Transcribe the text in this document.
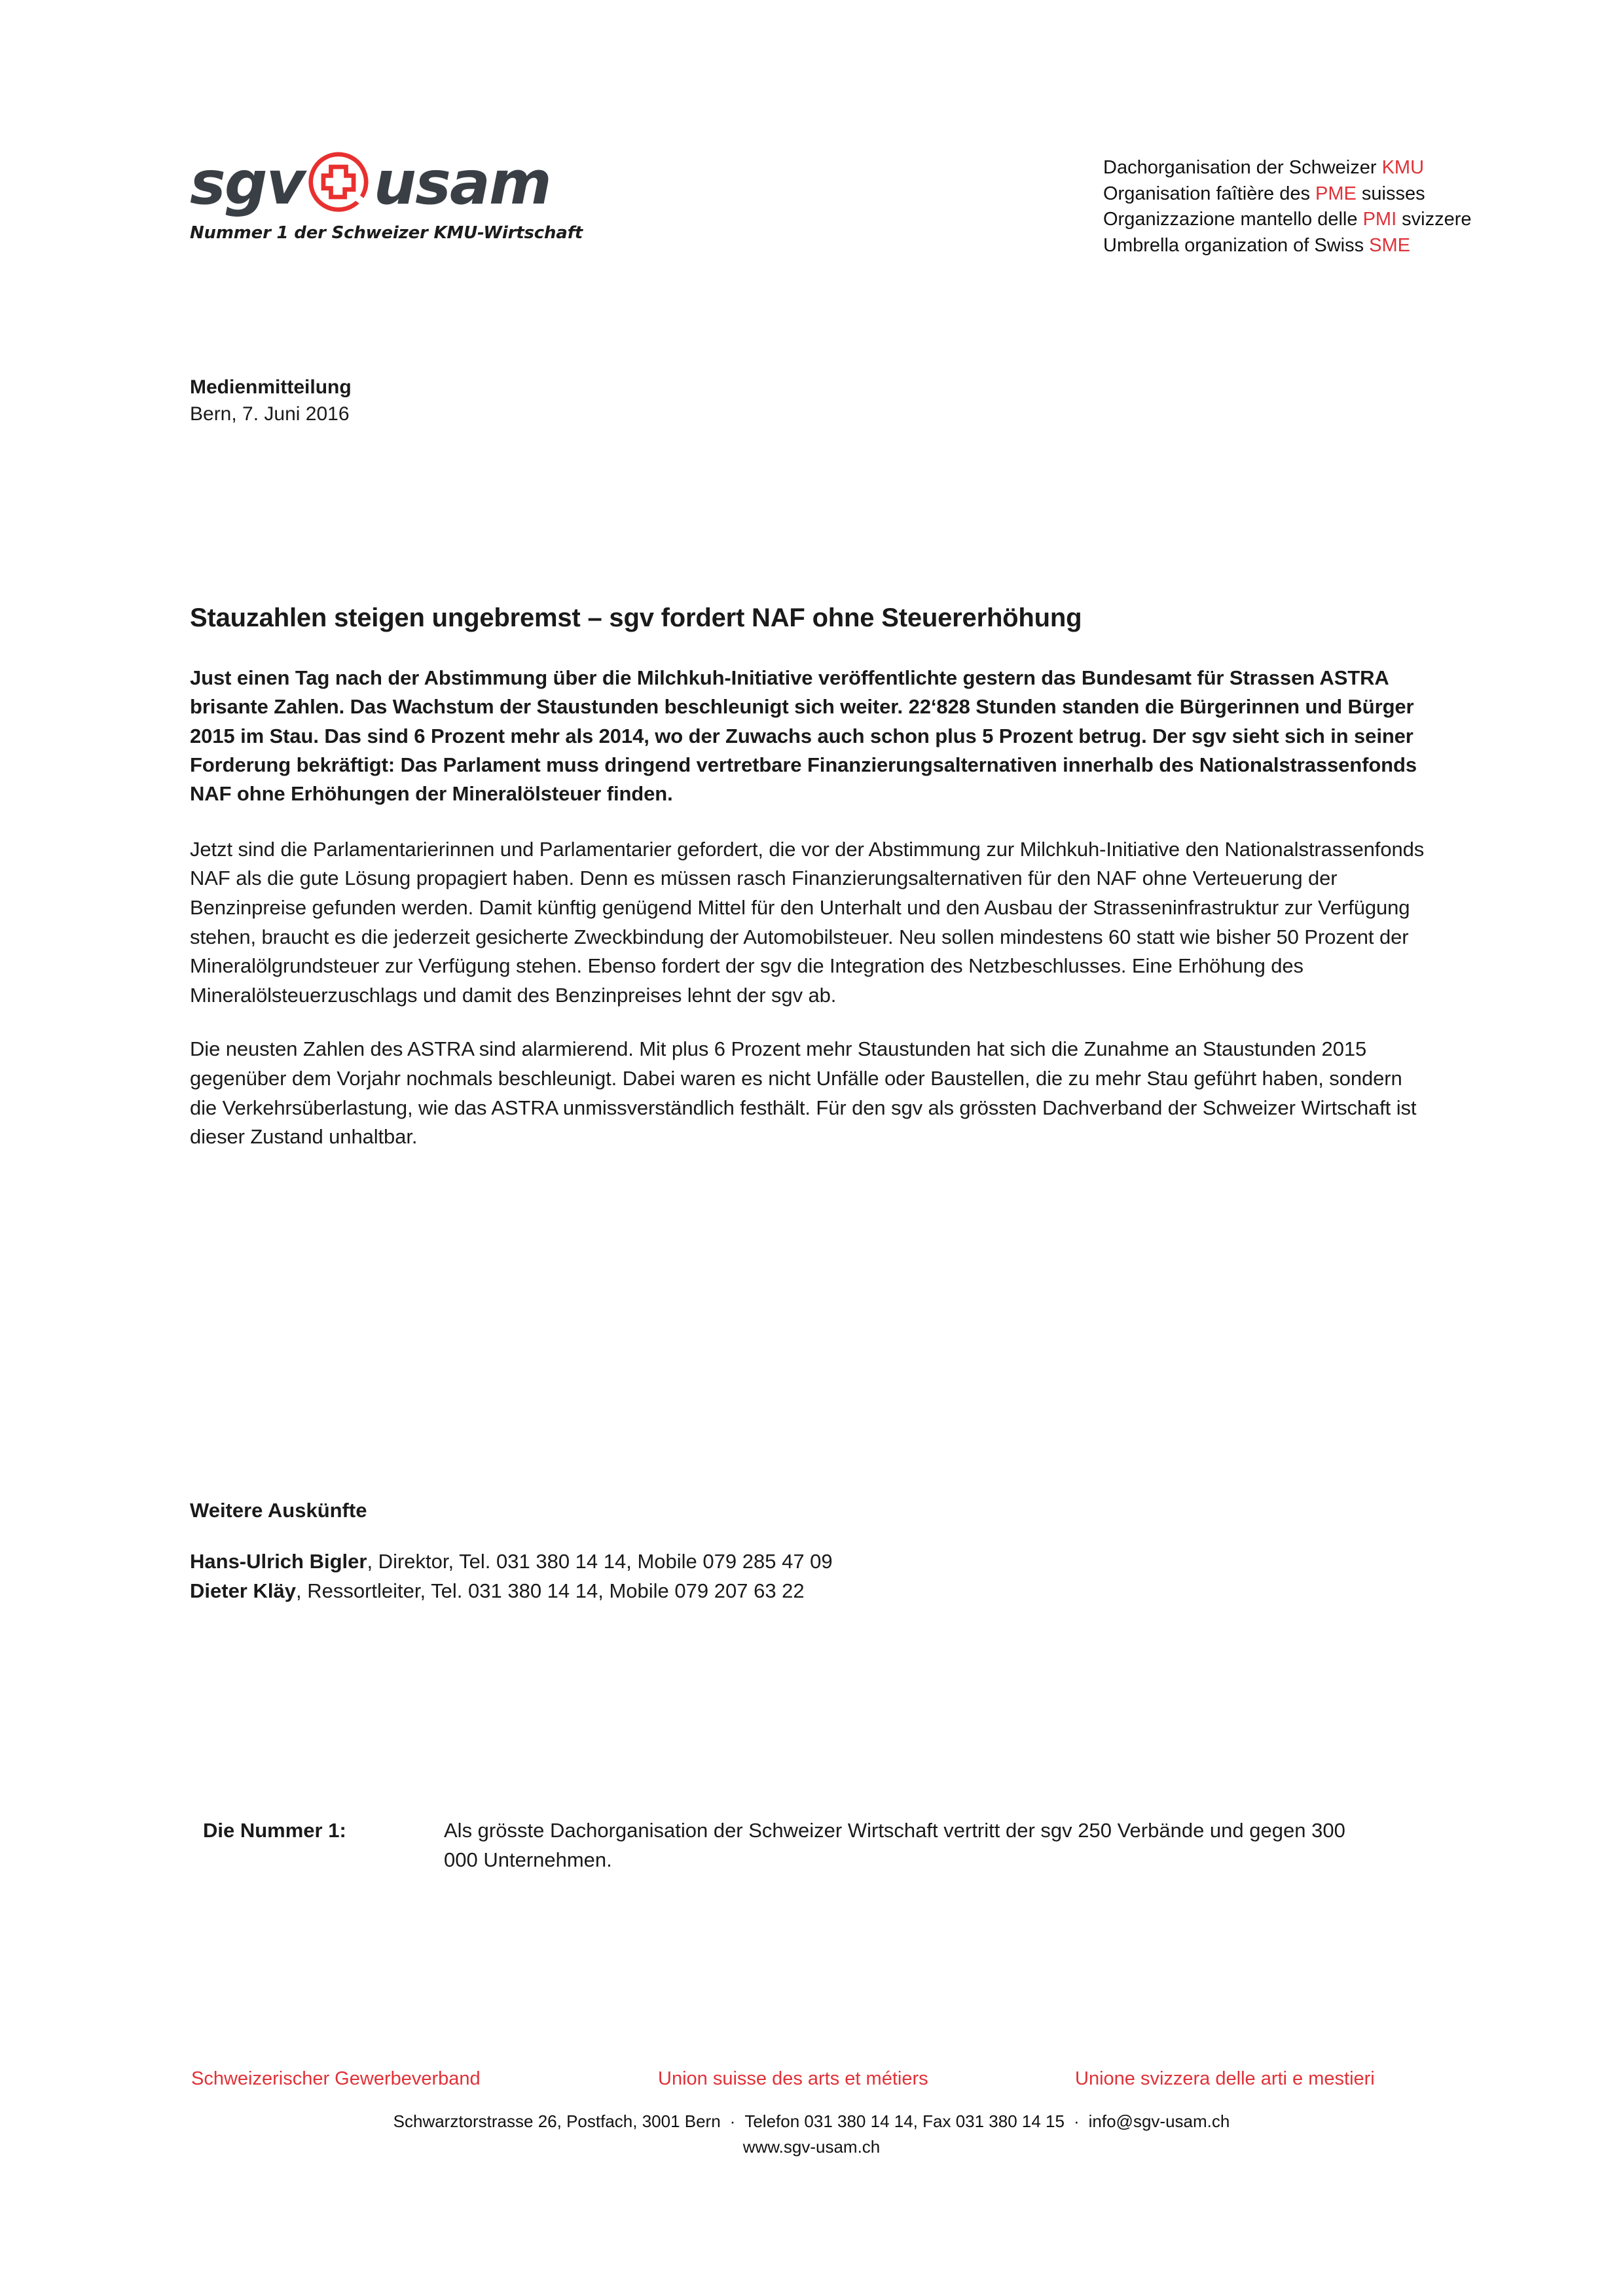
sgv usam
Nummer 1 der Schweizer KMU-Wirtschaft
Dachorganisation der Schweizer KMU
Organisation faîtière des PME suisses
Organizzazione mantello delle PMI svizzere
Umbrella organization of Swiss SME
Medienmitteilung
Bern, 7. Juni 2016
Stauzahlen steigen ungebremst – sgv fordert NAF ohne Steuererhöhung

Just einen Tag nach der Abstimmung über die Milchkuh-Initiative veröffentlichte gestern das Bundesamt für Strassen ASTRA brisante Zahlen. Das Wachstum der Staustunden beschleunigt sich weiter. 22‘828 Stunden standen die Bürgerinnen und Bürger 2015 im Stau. Das sind 6 Prozent mehr als 2014, wo der Zuwachs auch schon plus 5 Prozent betrug. Der sgv sieht sich in seiner Forderung bekräftigt: Das Parlament muss dringend vertretbare Finanzierungsalternativen innerhalb des Nationalstrassenfonds NAF ohne Erhöhungen der Mineralölsteuer finden.

Jetzt sind die Parlamentarierinnen und Parlamentarier gefordert, die vor der Abstimmung zur Milchkuh-Initiative den Nationalstrassenfonds NAF als die gute Lösung propagiert haben. Denn es müssen rasch Finanzierungsalternativen für den NAF ohne Verteuerung der Benzinpreise gefunden werden. Damit künftig genügend Mittel für den Unterhalt und den Ausbau der Strasseninfrastruktur zur Verfügung stehen, braucht es die jederzeit gesicherte Zweckbindung der Automobilsteuer. Neu sollen mindestens 60 statt wie bisher 50 Prozent der Mineralölgrundsteuer zur Verfügung stehen. Ebenso fordert der sgv die Integration des Netzbeschlusses. Eine Erhöhung des Mineralölsteuerzuschlags und damit des Benzinpreises lehnt der sgv ab.

Die neusten Zahlen des ASTRA sind alarmierend. Mit plus 6 Prozent mehr Staustunden hat sich die Zunahme an Staustunden 2015 gegenüber dem Vorjahr nochmals beschleunigt. Dabei waren es nicht Unfälle oder Baustellen, die zu mehr Stau geführt haben, sondern die Verkehrsüberlastung, wie das ASTRA unmissverständlich festhält. Für den sgv als grössten Dachverband der Schweizer Wirtschaft ist dieser Zustand unhaltbar.

Weitere Auskünfte
Hans-Ulrich Bigler, Direktor, Tel. 031 380 14 14, Mobile 079 285 47 09
Dieter Kläy, Ressortleiter, Tel. 031 380 14 14, Mobile 079 207 63 22
Die Nummer 1:	Als grösste Dachorganisation der Schweizer Wirtschaft vertritt der sgv 250 Verbände und gegen 300 000 Unternehmen.
Schweizerischer Gewerbeverband	Union suisse des arts et métiers	Unione svizzera delle arti e mestieri
Schwarztorstrasse 26, Postfach, 3001 Bern · Telefon 031 380 14 14, Fax 031 380 14 15 · info@sgv-usam.ch
www.sgv-usam.ch
